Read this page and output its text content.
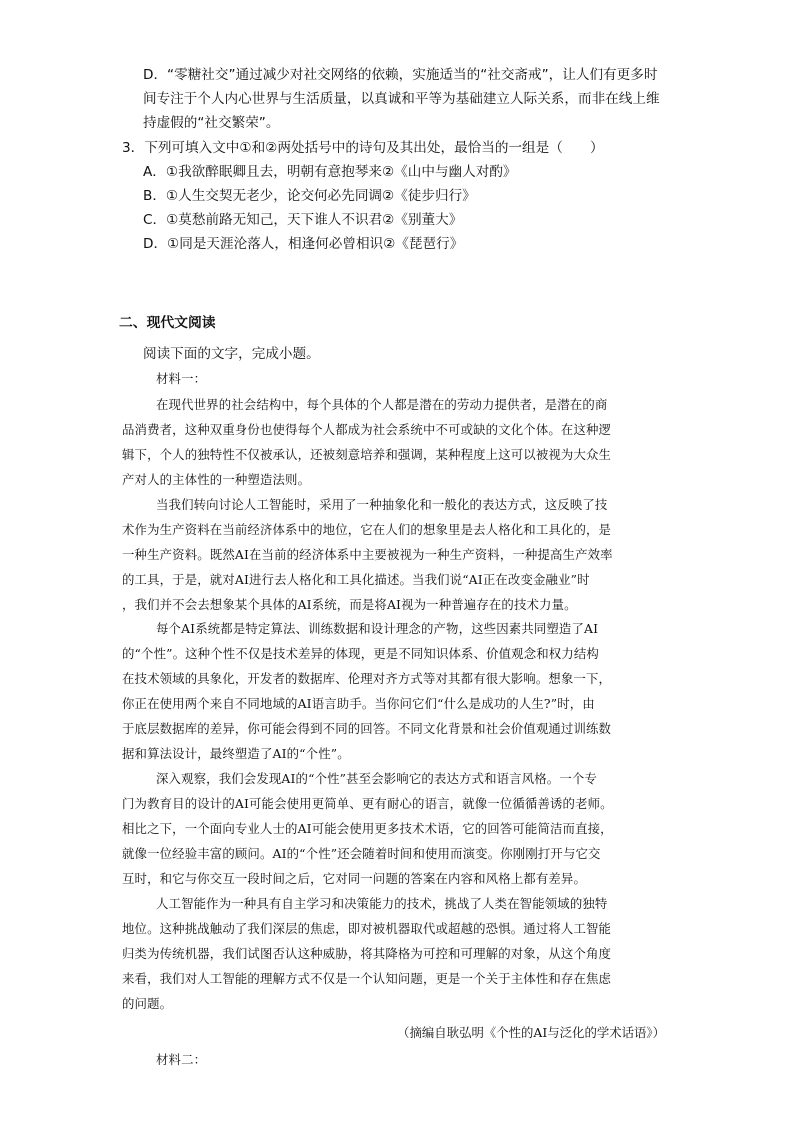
D．“零糖社交”通过减少对社交网络的依赖，实施适当的“社交斋戒”，让人们有更多时
间专注于个人内心世界与生活质量，以真诚和平等为基础建立人际关系，而非在线上维
持虚假的“社交繁荣”。
3．下列可填入文中①和②两处括号中的诗句及其出处，最恰当的一组是（　　）
A．①我欲醉眠卿且去，明朝有意抱琴来②《山中与幽人对酌》
B．①人生交契无老少，论交何必先同调②《徒步归行》
C．①莫愁前路无知己，天下谁人不识君②《别董大》
D．①同是天涯沦落人，相逢何必曾相识②《琵琶行》
二、现代文阅读
阅读下面的文字，完成小题。
材料一：
在现代世界的社会结构中，每个具体的个人都是潜在的劳动力提供者，是潜在的商
品消费者，这种双重身份也使得每个人都成为社会系统中不可或缺的文化个体。在这种逻
辑下，个人的独特性不仅被承认，还被刻意培养和强调，某种程度上这可以被视为大众生
产对人的主体性的一种塑造法则。
当我们转向讨论人工智能时，采用了一种抽象化和一般化的表达方式，这反映了技
术作为生产资料在当前经济体系中的地位，它在人们的想象里是去人格化和工具化的，是
一种生产资料。既然AI在当前的经济体系中主要被视为一种生产资料，一种提高生产效率
的工具，于是，就对AI进行去人格化和工具化描述。当我们说“AI正在改变金融业”时
，我们并不会去想象某个具体的AI系统，而是将AI视为一种普遍存在的技术力量。
每个AI系统都是特定算法、训练数据和设计理念的产物，这些因素共同塑造了AI
的“个性”。这种个性不仅是技术差异的体现，更是不同知识体系、价值观念和权力结构
在技术领域的具象化，开发者的数据库、伦理对齐方式等对其都有很大影响。想象一下，
你正在使用两个来自不同地域的AI语言助手。当你问它们“什么是成功的人生?”时，由
于底层数据库的差异，你可能会得到不同的回答。不同文化背景和社会价值观通过训练数
据和算法设计，最终塑造了AI的“个性”。
深入观察，我们会发现AI的“个性”甚至会影响它的表达方式和语言风格。一个专
门为教育目的设计的AI可能会使用更简单、更有耐心的语言，就像一位循循善诱的老师。
相比之下，一个面向专业人士的AI可能会使用更多技术术语，它的回答可能简洁而直接，
就像一位经验丰富的顾问。AI的“个性”还会随着时间和使用而演变。你刚刚打开与它交
互时，和它与你交互一段时间之后，它对同一问题的答案在内容和风格上都有差异。
人工智能作为一种具有自主学习和决策能力的技术，挑战了人类在智能领域的独特
地位。这种挑战触动了我们深层的焦虑，即对被机器取代或超越的恐惧。通过将人工智能
归类为传统机器，我们试图否认这种威胁，将其降格为可控和可理解的对象，从这个角度
来看，我们对人工智能的理解方式不仅是一个认知问题，更是一个关于主体性和存在焦虑
的问题。
（摘编自耿弘明《个性的AI与泛化的学术话语》）
材料二：
